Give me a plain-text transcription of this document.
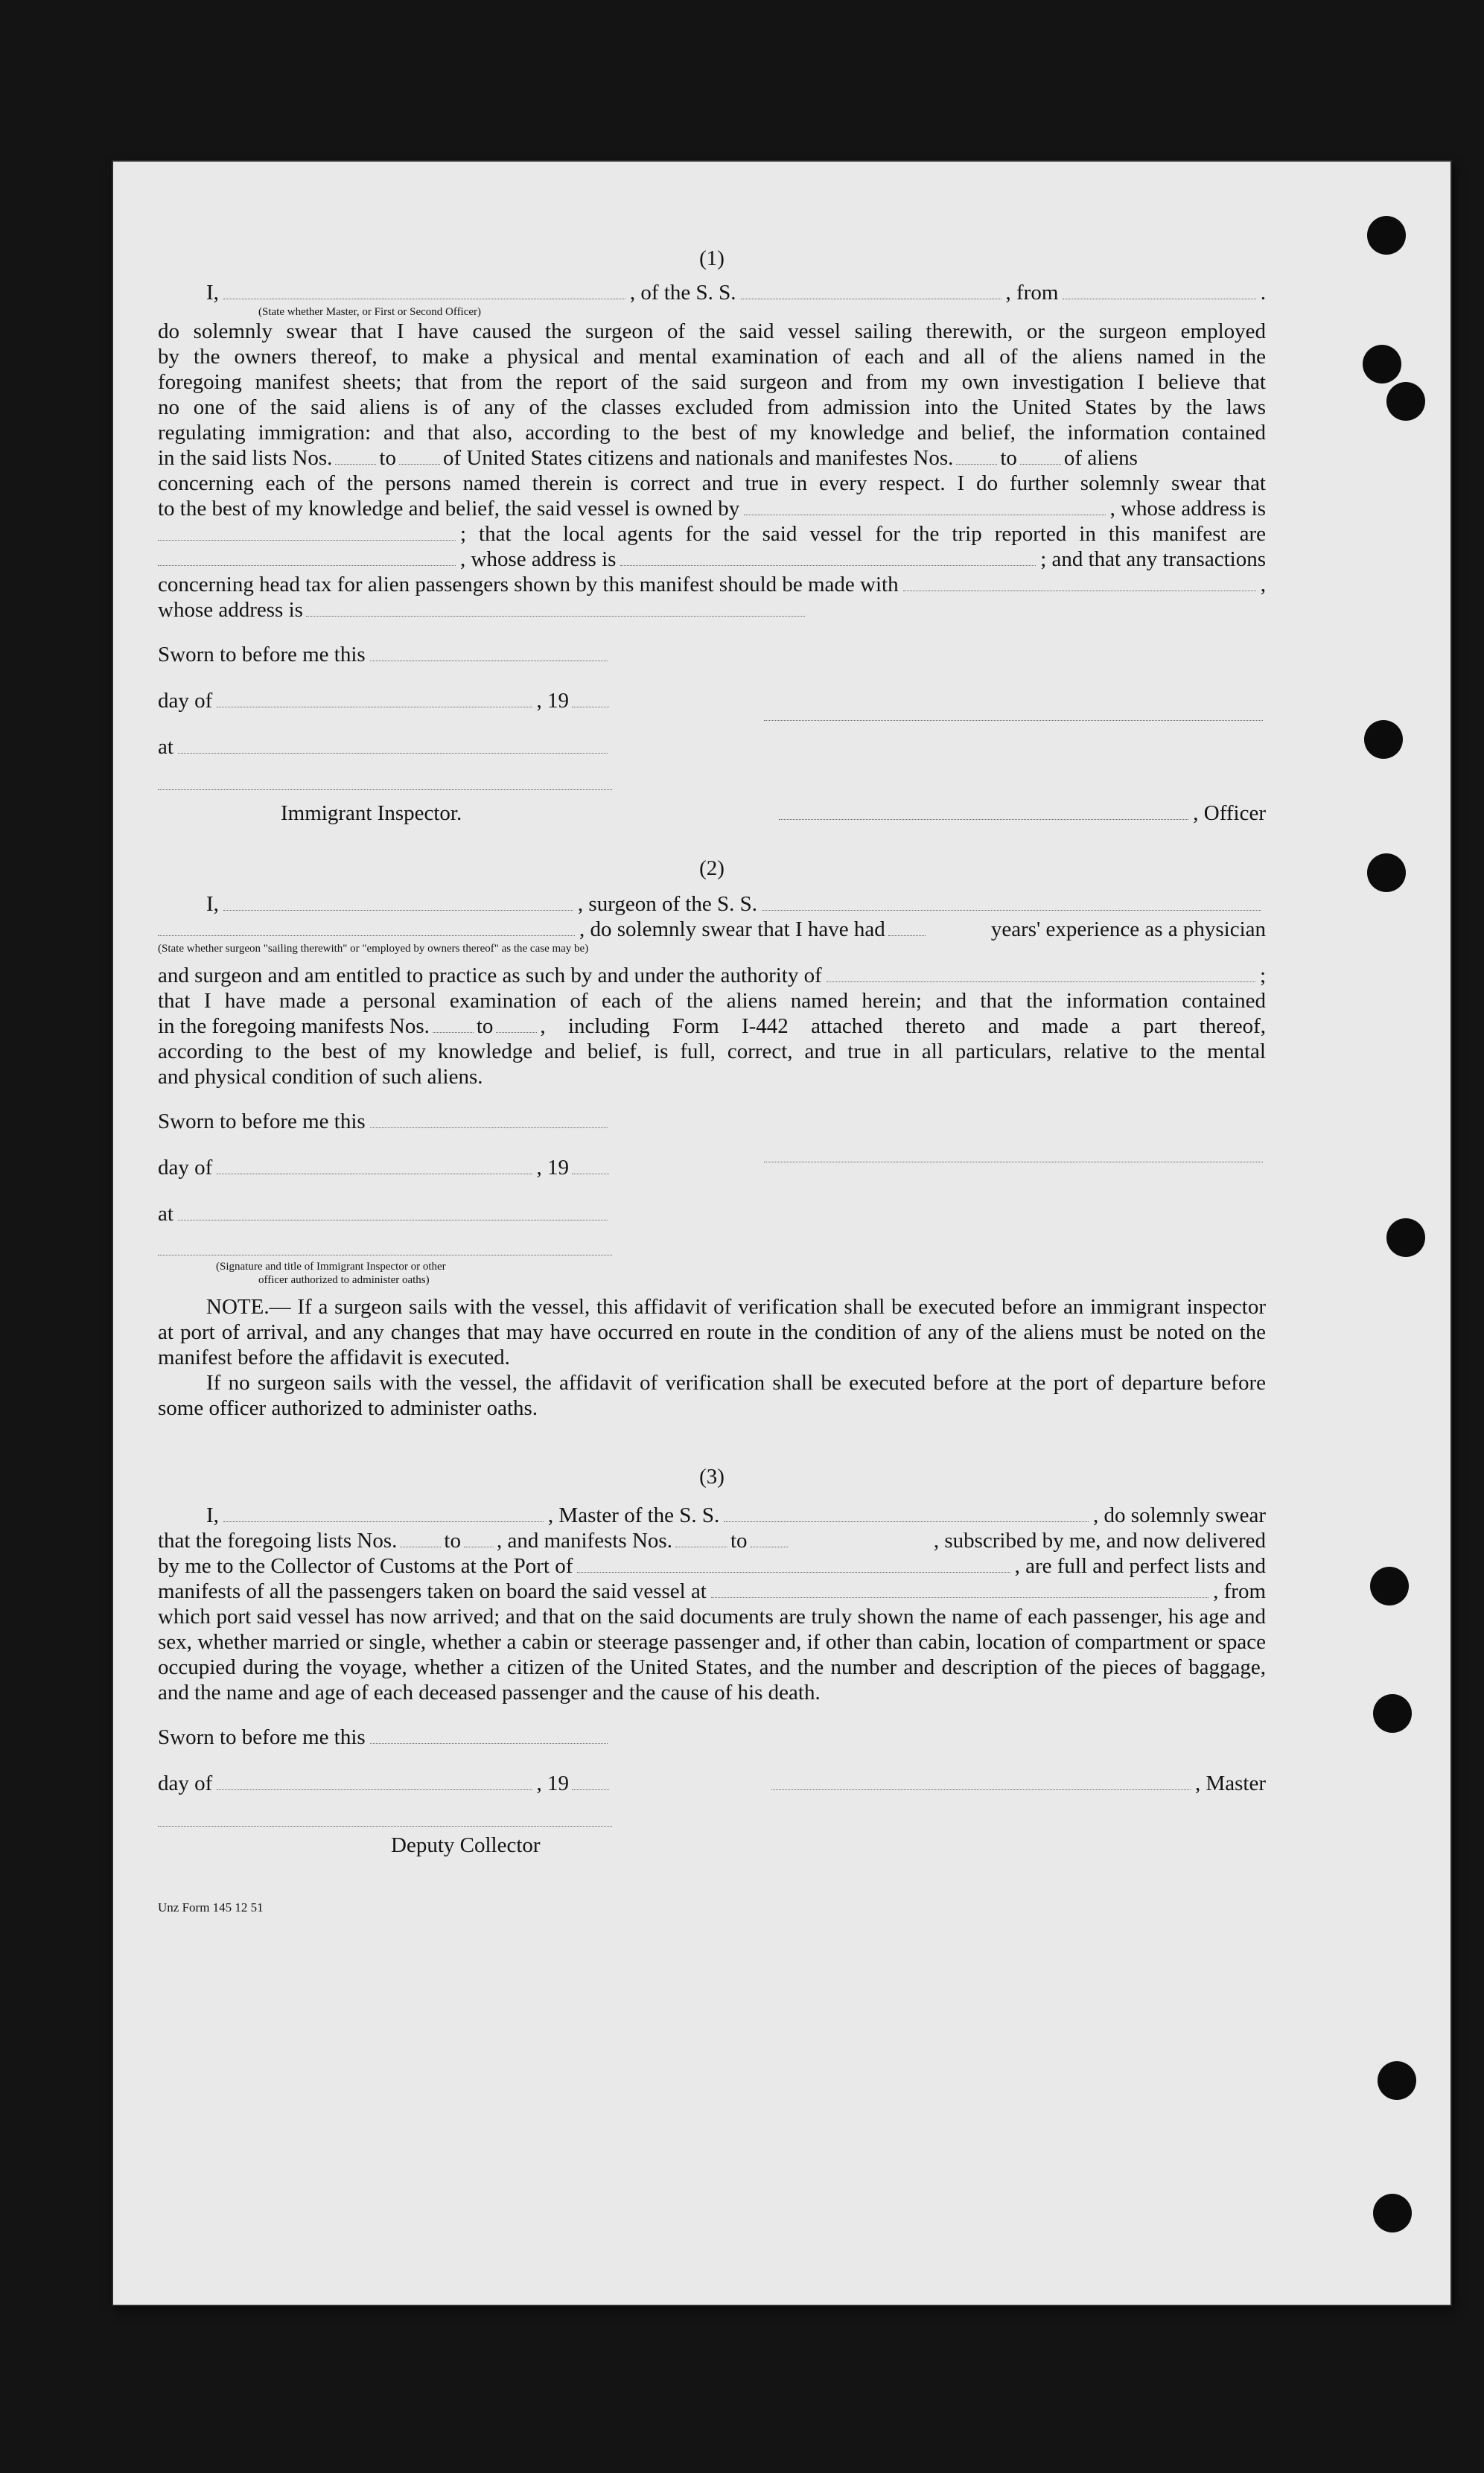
(1)

I,	, of the S. S.	, from	.
(State whether Master, or First or Second Officer)

do solemnly swear that I have caused the surgeon of the said vessel sailing therewith, or the surgeon employed

by the owners thereof, to make a physical and mental examination of each and all of the aliens named in the

foregoing manifest sheets; that from the report of the said surgeon and from my own investigation I believe that

no one of the said aliens is of any of the classes excluded from admission into the United States by the laws

regulating immigration: and that also, according to the best of my knowledge and belief, the information contained

in the said lists Nos. to of United States citizens and nationals and manifestes Nos. to of aliens

concerning each of the persons named therein is correct and true in every respect. I do further solemnly swear that

to the best of my knowledge and belief, the said vessel is owned by	, whose address is
; that the local agents for the said vessel for the trip reported in this manifest are
, whose address is	; and that any transactions
concerning head tax for alien passengers shown by this manifest should be made with	,
whose address is
Sworn to before me this
day of	, 19
at
Immigrant Inspector.	, Officer

(2)

I,	, surgeon of the S. S.
, do solemnly swear that I have had	years' experience as a physician
(State whether surgeon "sailing therewith" or "employed by owners thereof" as the case may be)
and surgeon and am entitled to practice as such by and under the authority of	;

that I have made a personal examination of each of the aliens named herein; and that the information contained

in the foregoing manifests Nos. to , including Form I-442 attached thereto and made a part thereof,

according to the best of my knowledge and belief, is full, correct, and true in all particulars, relative to the mental

and physical condition of such aliens.

Sworn to before me this
day of	, 19
at
(Signature and title of Immigrant Inspector or other
officer authorized to administer oaths)

NOTE.— If a surgeon sails with the vessel, this affidavit of verification shall be executed before an immigrant inspector at port of arrival, and any changes that may have occurred en route in the condition of any of the aliens must be noted on the manifest before the affidavit is executed.

If no surgeon sails with the vessel, the affidavit of verification shall be executed before at the port of departure before some officer authorized to administer oaths.

(3)

I,	, Master of the S. S.	, do solemnly swear
that the foregoing lists Nos. to , and manifests Nos.	to	, subscribed by me, and now delivered
by me to the Collector of Customs at the Port of	, are full and perfect lists and
manifests of all the passengers taken on board the said vessel at	, from

which port said vessel has now arrived; and that on the said documents are truly shown the name of each passenger, his age and sex, whether married or single, whether a cabin or steerage passenger and, if other than cabin, location of compartment or space occupied during the voyage, whether a citizen of the United States, and the number and description of the pieces of baggage, and the name and age of each deceased passenger and the cause of his death.

Sworn to before me this
day of	, 19	, Master
Deputy Collector
Unz Form 145 12 51
